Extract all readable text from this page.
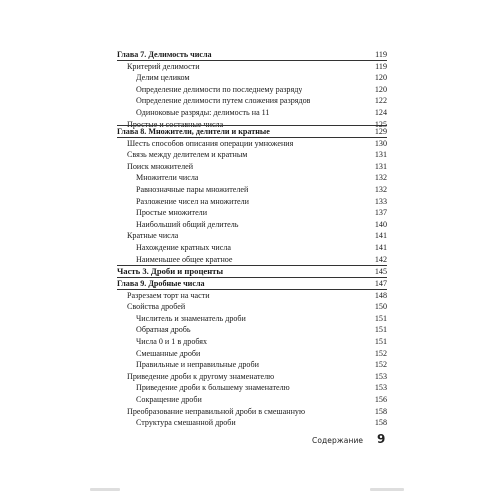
Глава 7. Делимость числа	119
Критерий делимости	119
Делим целиком	120
Определение делимости по последнему разряду	120
Определение делимости путем сложения разрядов	122
Одиноковые разряды: делимость на 11	124
Простые и составные числа	125
Глава 8. Множители, делители и кратные	129
Шесть способов описания операции умножения	130
Связь между делителем и кратным	131
Поиск множителей	131
Множители числа	132
Равнозначные пары множителей	132
Разложение чисел на множители	133
Простые множители	137
Наибольший общий делитель	140
Кратные числа	141
Нахождение кратных числа	141
Наименьшее общее кратное	142
Часть 3. Дроби и проценты	145
Глава 9. Дробные числа	147
Разрезаем торт на части	148
Свойства дробей	150
Числитель и знаменатель дроби	151
Обратная дробь	151
Числа 0 и 1 в дробях	151
Смешанные дроби	152
Правильные и неправильные дроби	152
Приведение дроби к другому знаменателю	153
Приведение дроби к большему знаменателю	153
Сокращение дроби	156
Преобразование неправильной дроби в смешанную	158
Структура смешанной дроби	158
Содержание 9
